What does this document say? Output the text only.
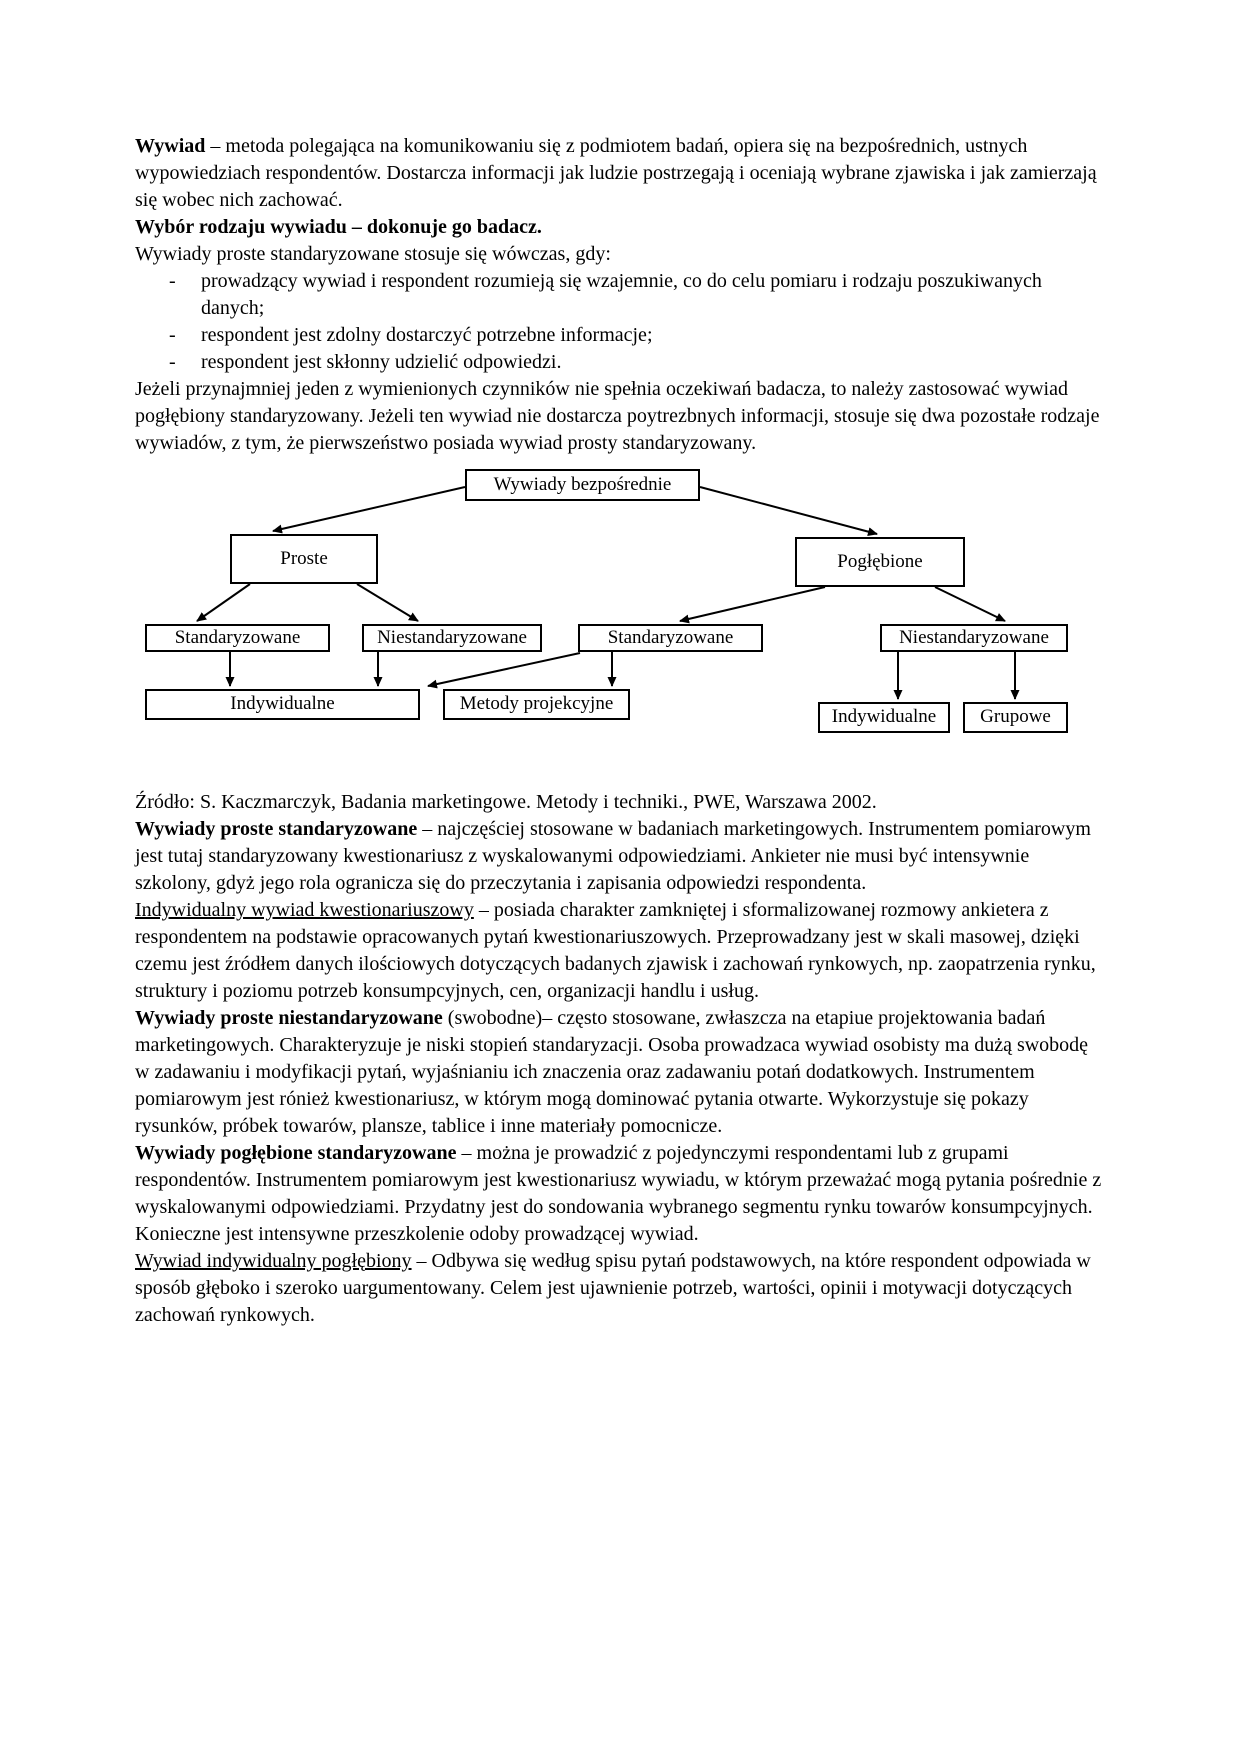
Wywiad – metoda polegająca na komunikowaniu się z podmiotem badań, opiera się na bezpośrednich, ustnych wypowiedziach respondentów. Dostarcza informacji jak ludzie postrzegają i oceniają wybrane zjawiska i jak zamierzają się wobec nich zachować.

Wybór rodzaju wywiadu – dokonuje go badacz.

Wywiady proste standaryzowane stosuje się wówczas, gdy:

- prowadzący wywiad i respondent rozumieją się wzajemnie, co do celu pomiaru i rodzaju poszukiwanych danych;

- respondent jest zdolny dostarczyć potrzebne informacje;

- respondent jest skłonny udzielić odpowiedzi.

Jeżeli przynajmniej jeden z wymienionych czynników nie spełnia oczekiwań badacza, to należy zastosować wywiad pogłębiony standaryzowany. Jeżeli ten wywiad nie dostarcza poytrezbnych informacji, stosuje się dwa pozostałe rodzaje wywiadów, z tym, że pierwszeństwo posiada wywiad prosty standaryzowany.

Wywiady bezpośrednie
Proste	Pogłębione
Standaryzowane	Niestandaryzowane	Standaryzowane	Niestandaryzowane
Indywidualne	Metody projekcyjne
Indywidualne Grupowe

Źródło: S. Kaczmarczyk, Badania marketingowe. Metody i techniki., PWE, Warszawa 2002.

Wywiady proste standaryzowane – najczęściej stosowane w badaniach marketingowych. Instrumentem pomiarowym jest tutaj standaryzowany kwestionariusz z wyskalowanymi odpowiedziami. Ankieter nie musi być intensywnie szkolony, gdyż jego rola ogranicza się do przeczytania i zapisania odpowiedzi respondenta.

Indywidualny wywiad kwestionariuszowy – posiada charakter zamkniętej i sformalizowanej rozmowy ankietera z respondentem na podstawie opracowanych pytań kwestionariuszowych. Przeprowadzany jest w skali masowej, dzięki czemu jest źródłem danych ilościowych dotyczących badanych zjawisk i zachowań rynkowych, np. zaopatrzenia rynku, struktury i poziomu potrzeb konsumpcyjnych, cen, organizacji handlu i usług.

Wywiady proste niestandaryzowane (swobodne)– często stosowane, zwłaszcza na etapiue projektowania badań marketingowych. Charakteryzuje je niski stopień standaryzacji. Osoba prowadzaca wywiad osobisty ma dużą swobodę w zadawaniu i modyfikacji pytań, wyjaśnianiu ich znaczenia oraz zadawaniu potań dodatkowych. Instrumentem pomiarowym jest rónież kwestionariusz, w którym mogą dominować pytania otwarte. Wykorzystuje się pokazy rysunków, próbek towarów, plansze, tablice i inne materiały pomocnicze.

Wywiady pogłębione standaryzowane – można je prowadzić z pojedynczymi respondentami lub z grupami respondentów. Instrumentem pomiarowym jest kwestionariusz wywiadu, w którym przeważać mogą pytania pośrednie z wyskalowanymi odpowiedziami. Przydatny jest do sondowania wybranego segmentu rynku towarów konsumpcyjnych. Konieczne jest intensywne przeszkolenie odoby prowadzącej wywiad.

Wywiad indywidualny pogłębiony – Odbywa się według spisu pytań podstawowych, na które respondent odpowiada w sposób głęboko i szeroko uargumentowany. Celem jest ujawnienie potrzeb, wartości, opinii i motywacji dotyczących zachowań rynkowych.
